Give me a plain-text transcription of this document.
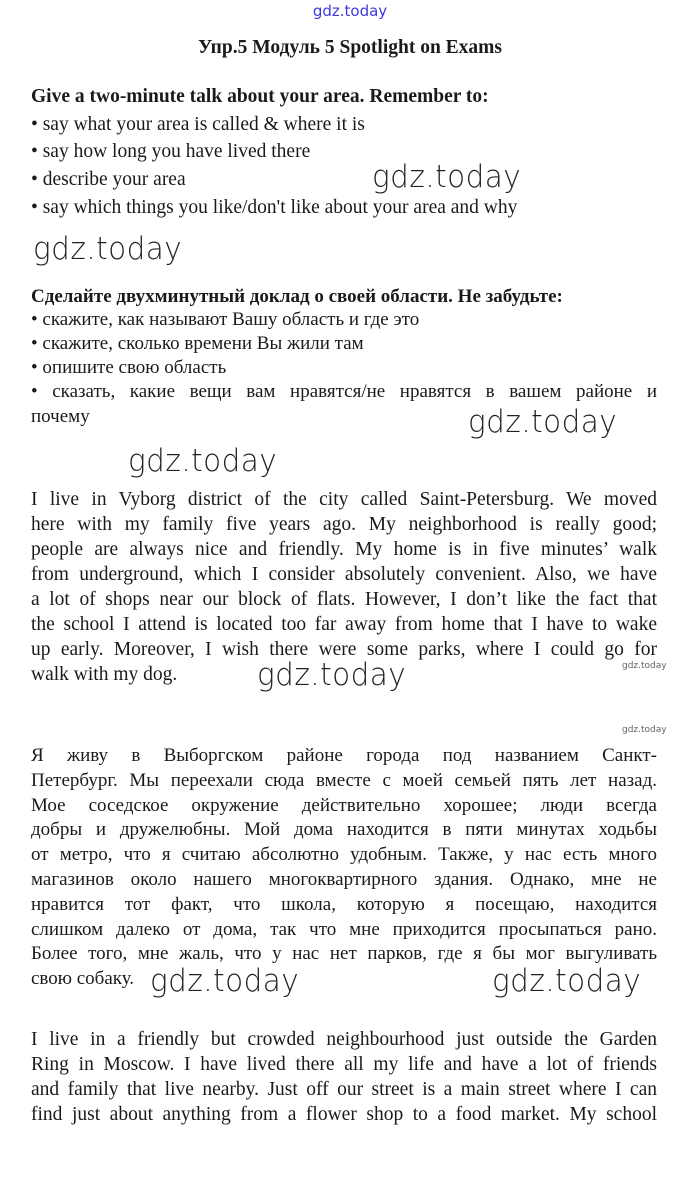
gdz.today
Упр.5 Модуль 5 Spotlight on Exams
Give a two-minute talk about your area. Remember to:
• say what your area is called & where it is
• say how long you have lived there
• describe your area
• say which things you like/don't like about your area and why
Сделайте двухминутный доклад о своей области. Не забудьте:
• скажите, как называют Вашу область и где это
• скажите, сколько времени Вы жили там
• опишите свою область
• сказать, какие вещи вам нравятся/не нравятся в вашем районе и
почему
I live in Vyborg district of the city called Saint-Petersburg. We moved
here with my family five years ago. My neighborhood is really good;
people are always nice and friendly. My home is in five minutes’ walk
from underground, which I consider absolutely convenient. Also, we have
a lot of shops near our block of flats. However, I don’t like the fact that
the school I attend is located too far away from home that I have to wake
up early. Moreover, I wish there were some parks, where I could go for
walk with my dog.
Я живу в Выборгском районе города под названием Санкт-
Петербург. Мы переехали сюда вместе с моей семьей пять лет назад.
Мое соседское окружение действительно хорошее; люди всегда
добры и дружелюбны. Мой дома находится в пяти минутах ходьбы
от метро, что я считаю абсолютно удобным. Также, у нас есть много
магазинов около нашего многоквартирного здания. Однако, мне не
нравится тот факт, что школа, которую я посещаю, находится
слишком далеко от дома, так что мне приходится просыпаться рано.
Более того, мне жаль, что у нас нет парков, где я бы мог выгуливать
свою собаку.
I live in a friendly but crowded neighbourhood just outside the Garden
Ring in Moscow. I have lived there all my life and have a lot of friends
and family that live nearby. Just off our street is a main street where I can
find just about anything from a flower shop to a food market. My school
gdz.today
gdz.today
gdz.today
gdz.today
gdz.today	gdz.today
gdz.today
gdz.today	gdz.today
